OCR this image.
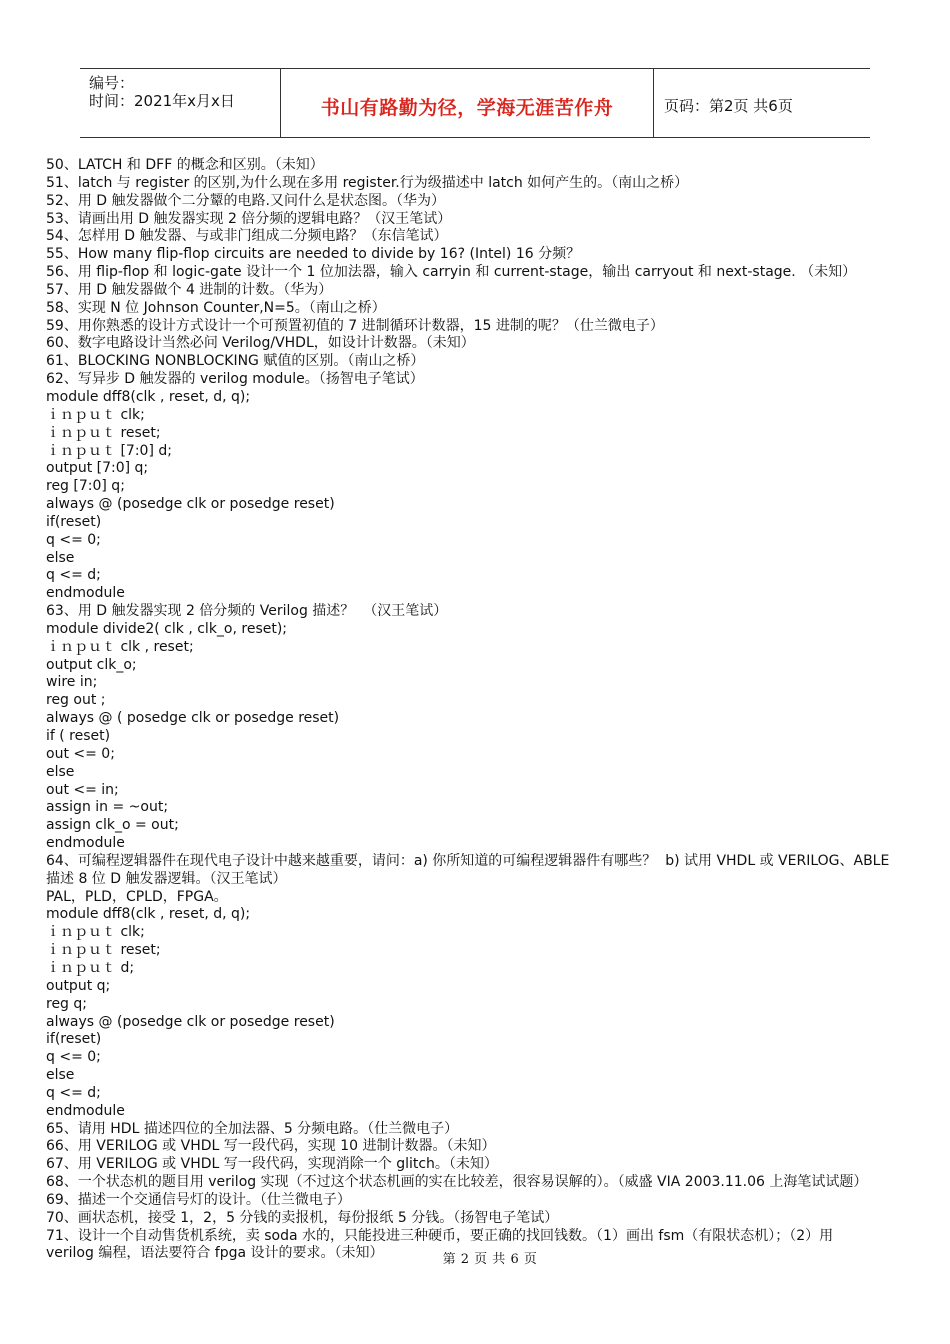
编号：
时间：2021年x月x日	书山有路勤为径，学海无涯苦作舟	页码：第2页 共6页
50、LATCH 和 DFF 的概念和区别。（未知）
51、latch 与 register 的区别,为什么现在多用 register.行为级描述中 latch 如何产生的。（南山之桥）
52、用 D 触发器做个二分颦的电路.又问什么是状态图。（华为）
53、请画出用 D 触发器实现 2 倍分频的逻辑电路？（汉王笔试）
54、怎样用 D 触发器、与或非门组成二分频电路？（东信笔试）
55、How many flip-flop circuits are needed to divide by 16? (Intel) 16 分频？
56、用 flip-flop 和 logic-gate 设计一个 1 位加法器，输入 carryin 和 current-stage，输出 carryout 和 next-stage. （未知）
57、用 D 触发器做个 4 进制的计数。（华为）
58、实现 N 位 Johnson Counter,N=5。（南山之桥）
59、用你熟悉的设计方式设计一个可预置初值的 7 进制循环计数器，15 进制的呢？（仕兰微电子）
60、数字电路设计当然必问 Verilog/VHDL，如设计计数器。（未知）
61、BLOCKING NONBLOCKING 赋值的区别。（南山之桥）
62、写异步 D 触发器的 verilog module。（扬智电子笔试）
module dff8(clk , reset, d, q);
ｉｎｐｕｔ clk;
ｉｎｐｕｔ reset;
ｉｎｐｕｔ [7:0] d;
output [7:0] q;
reg [7:0] q;
always @ (posedge clk or posedge reset)
if(reset)
q <= 0;
else
q <= d;
endmodule
63、用 D 触发器实现 2 倍分频的 Verilog 描述？  （汉王笔试）
module divide2( clk , clk_o, reset);
ｉｎｐｕｔ clk , reset;
output clk_o;
wire in;
reg out ;
always @ ( posedge clk or posedge reset)
if ( reset)
out <= 0;
else
out <= in;
assign in = ~out;
assign clk_o = out;
endmodule
64、可编程逻辑器件在现代电子设计中越来越重要，请问：a) 你所知道的可编程逻辑器件有哪些？  b) 试用 VHDL 或 VERILOG、ABLE
描述 8 位 D 触发器逻辑。（汉王笔试）
PAL，PLD，CPLD，FPGA。
module dff8(clk , reset, d, q);
ｉｎｐｕｔ clk;
ｉｎｐｕｔ reset;
ｉｎｐｕｔ d;
output q;
reg q;
always @ (posedge clk or posedge reset)
if(reset)
q <= 0;
else
q <= d;
endmodule
65、请用 HDL 描述四位的全加法器、5 分频电路。（仕兰微电子）
66、用 VERILOG 或 VHDL 写一段代码，实现 10 进制计数器。（未知）
67、用 VERILOG 或 VHDL 写一段代码，实现消除一个 glitch。（未知）
68、一个状态机的题目用 verilog 实现（不过这个状态机画的实在比较差，很容易误解的）。（威盛 VIA 2003.11.06 上海笔试试题）
69、描述一个交通信号灯的设计。（仕兰微电子）
70、画状态机，接受 1，2，5 分钱的卖报机，每份报纸 5 分钱。（扬智电子笔试）
71、设计一个自动售货机系统，卖 soda 水的，只能投进三种硬币，要正确的找回钱数。（1）画出 fsm（有限状态机）；（2）用
verilog 编程，语法要符合 fpga 设计的要求。（未知）	第 2 页 共 6 页
